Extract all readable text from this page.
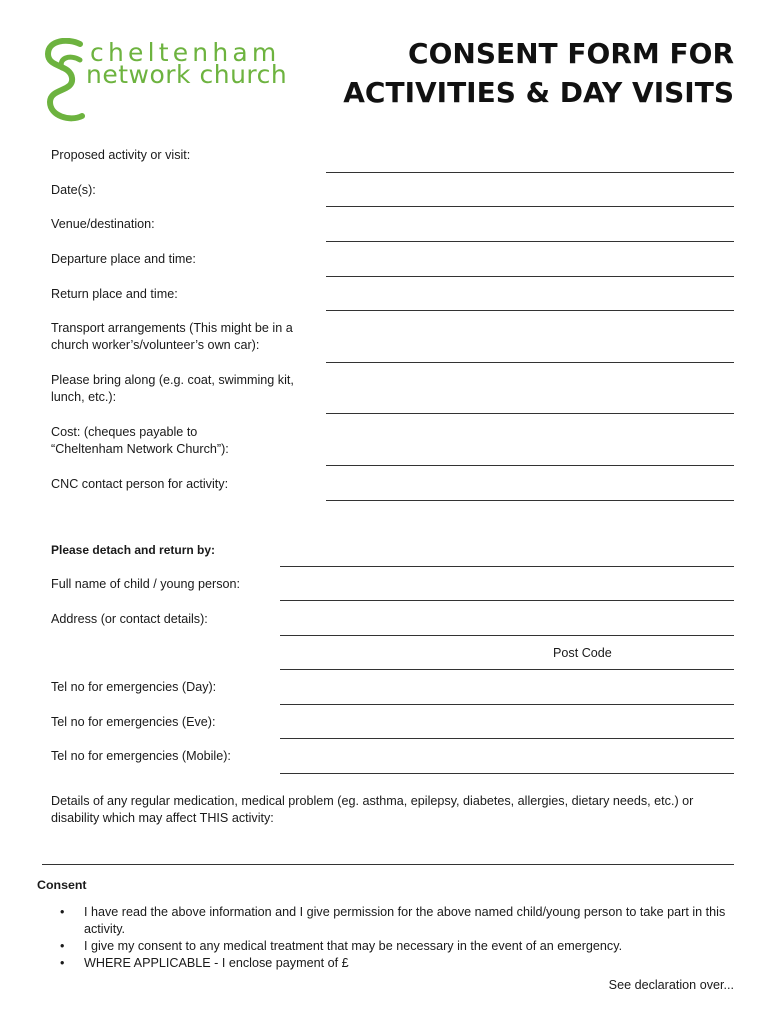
cheltenham
network church
CONSENT FORM FOR
ACTIVITIES & DAY VISITS
Proposed activity or visit:
Date(s):
Venue/destination:
Departure place and time:
Return place and time:
Transport arrangements (This might be in a church worker’s/volunteer’s own car):
Please bring along (e.g. coat, swimming kit, lunch, etc.):
Cost: (cheques payable to “Cheltenham Network Church”):
CNC contact person for activity:
Please detach and return by:
Full name of child / young person:
Address (or contact details):
Post Code
Tel no for emergencies (Day):
Tel no for emergencies (Eve):
Tel no for emergencies (Mobile):
Details of any regular medication, medical problem (eg. asthma, epilepsy, diabetes, allergies, dietary needs, etc.) or disability which may affect THIS activity:
Consent
• I have read the above information and I give permission for the above named child/young person to take part in this activity.
• I give my consent to any medical treatment that may be necessary in the event of an emergency.
• WHERE APPLICABLE - I enclose payment of £
See declaration over...
